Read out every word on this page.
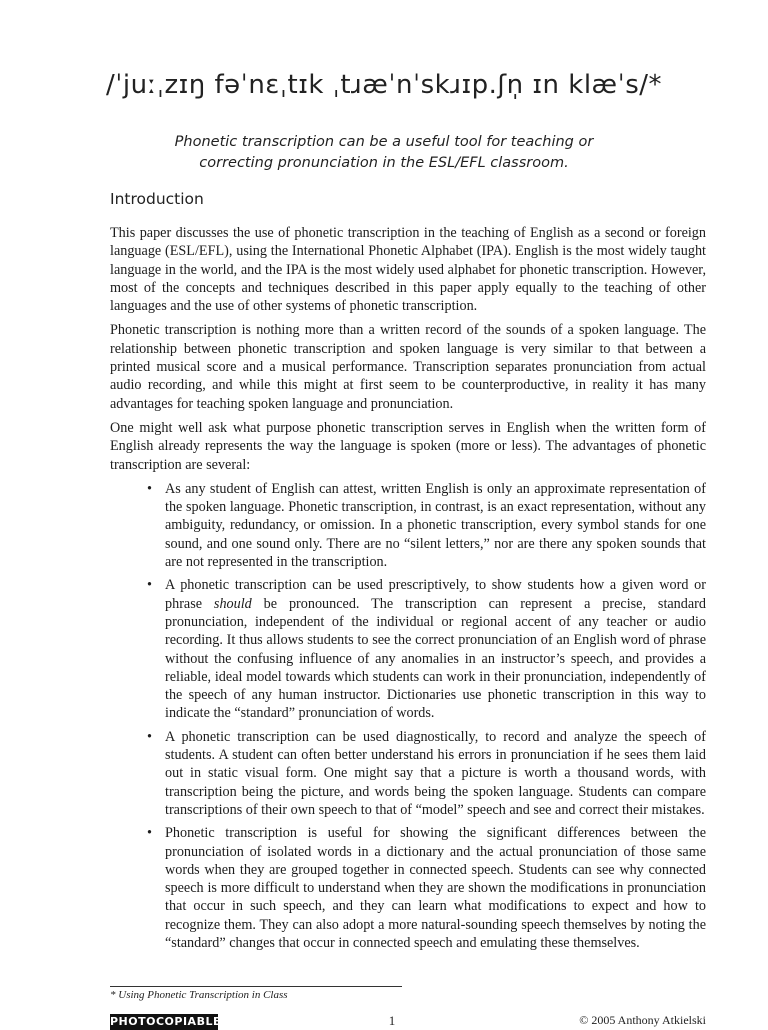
/ˈjuːˌzɪŋ fəˈnɛˌtɪk ˌtɹæˈnˈskɹɪp.ʃn̩ ɪn klæˈs/*
Phonetic transcription can be a useful tool for teaching or
correcting pronunciation in the ESL/EFL classroom.
Introduction

This paper discusses the use of phonetic transcription in the teaching of English as a second or foreign language (ESL/EFL), using the International Phonetic Alphabet (IPA). English is the most widely taught language in the world, and the IPA is the most widely used alphabet for phonetic transcription. However, most of the concepts and techniques described in this paper apply equally to the teaching of other languages and the use of other systems of phonetic transcription.

Phonetic transcription is nothing more than a written record of the sounds of a spoken language. The relationship between phonetic transcription and spoken language is very similar to that between a printed musical score and a musical performance. Transcription separates pronunciation from actual audio recording, and while this might at first seem to be counterproductive, in reality it has many advantages for teaching spoken language and pronunciation.

One might well ask what purpose phonetic transcription serves in English when the written form of English already represents the way the language is spoken (more or less). The advantages of phonetic transcription are several:

• As any student of English can attest, written English is only an approximate representation of the spoken language. Phonetic transcription, in contrast, is an exact representation, without any ambiguity, redundancy, or omission. In a phonetic transcription, every symbol stands for one sound, and one sound only. There are no “silent letters,” nor are there any spoken sounds that are not represented in the transcription.
• A phonetic transcription can be used prescriptively, to show students how a given word or phrase should be pronounced. The transcription can represent a precise, standard pronunciation, independent of the individual or regional accent of any teacher or audio recording. It thus allows students to see the correct pronunciation of an English word of phrase without the confusing influence of any anomalies in an instructor’s speech, and provides a reliable, ideal model towards which students can work in their pronunciation, independently of the speech of any human instructor. Dictionaries use phonetic transcription in this way to indicate the “standard” pronunciation of words.
• A phonetic transcription can be used diagnostically, to record and analyze the speech of students. A student can often better understand his errors in pronunciation if he sees them laid out in static visual form. One might say that a picture is worth a thousand words, with transcription being the picture, and words being the spoken language. Students can compare transcriptions of their own speech to that of “model” speech and see and correct their mistakes.
• Phonetic transcription is useful for showing the significant differences between the pronunciation of isolated words in a dictionary and the actual pronunciation of those same words when they are grouped together in connected speech. Students can see why connected speech is more difficult to understand when they are shown the modifications in pronunciation that occur in such speech, and they can learn what modifications to expect and how to recognize them. They can also adopt a more natural-sounding speech themselves by noting the “standard” changes that occur in connected speech and emulating these themselves.
* Using Phonetic Transcription in Class
PHOTOCOPIABLE	1	© 2005 Anthony Atkielski
